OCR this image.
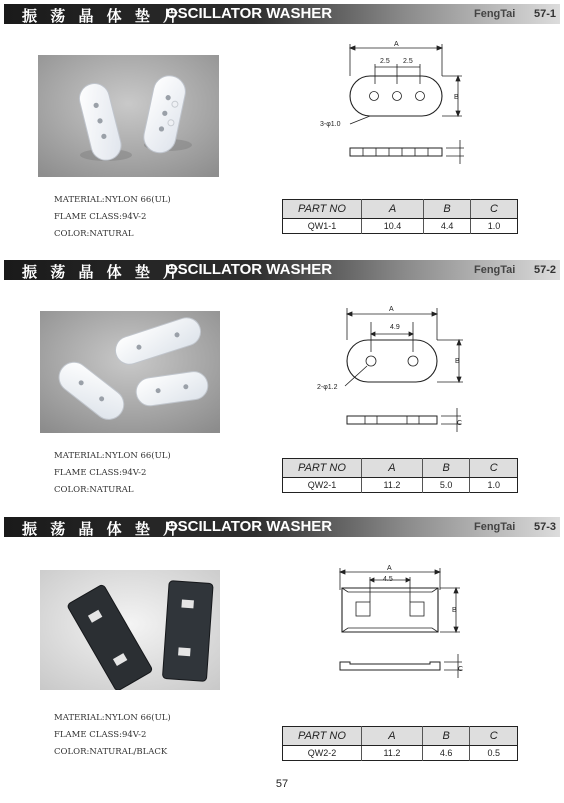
振 荡 晶 体 垫 片
OSCILLATOR WASHER	FengTai 57-1
MATERIAL:NYLON 66(UL)
FLAME CLASS:94V-2
COLOR:NATURAL
A
2.5 2.5
B
3-φ1.0
PART NO	A	B	C
QW1-1	10.4	4.4	1.0
振 荡 晶 体 垫 片
OSCILLATOR WASHER	FengTai 57-2
MATERIAL:NYLON 66(UL)
FLAME CLASS:94V-2
COLOR:NATURAL
A
4.9
B
2-φ1.2
C
PART NO	A	B	C
QW2-1	11.2	5.0	1.0
振 荡 晶 体 垫 片
OSCILLATOR WASHER	FengTai 57-3
MATERIAL:NYLON 66(UL)
FLAME CLASS:94V-2
COLOR:NATURAL/BLACK
A
4.5
B
C
PART NO	A	B	C
QW2-2	11.2	4.6	0.5
57
